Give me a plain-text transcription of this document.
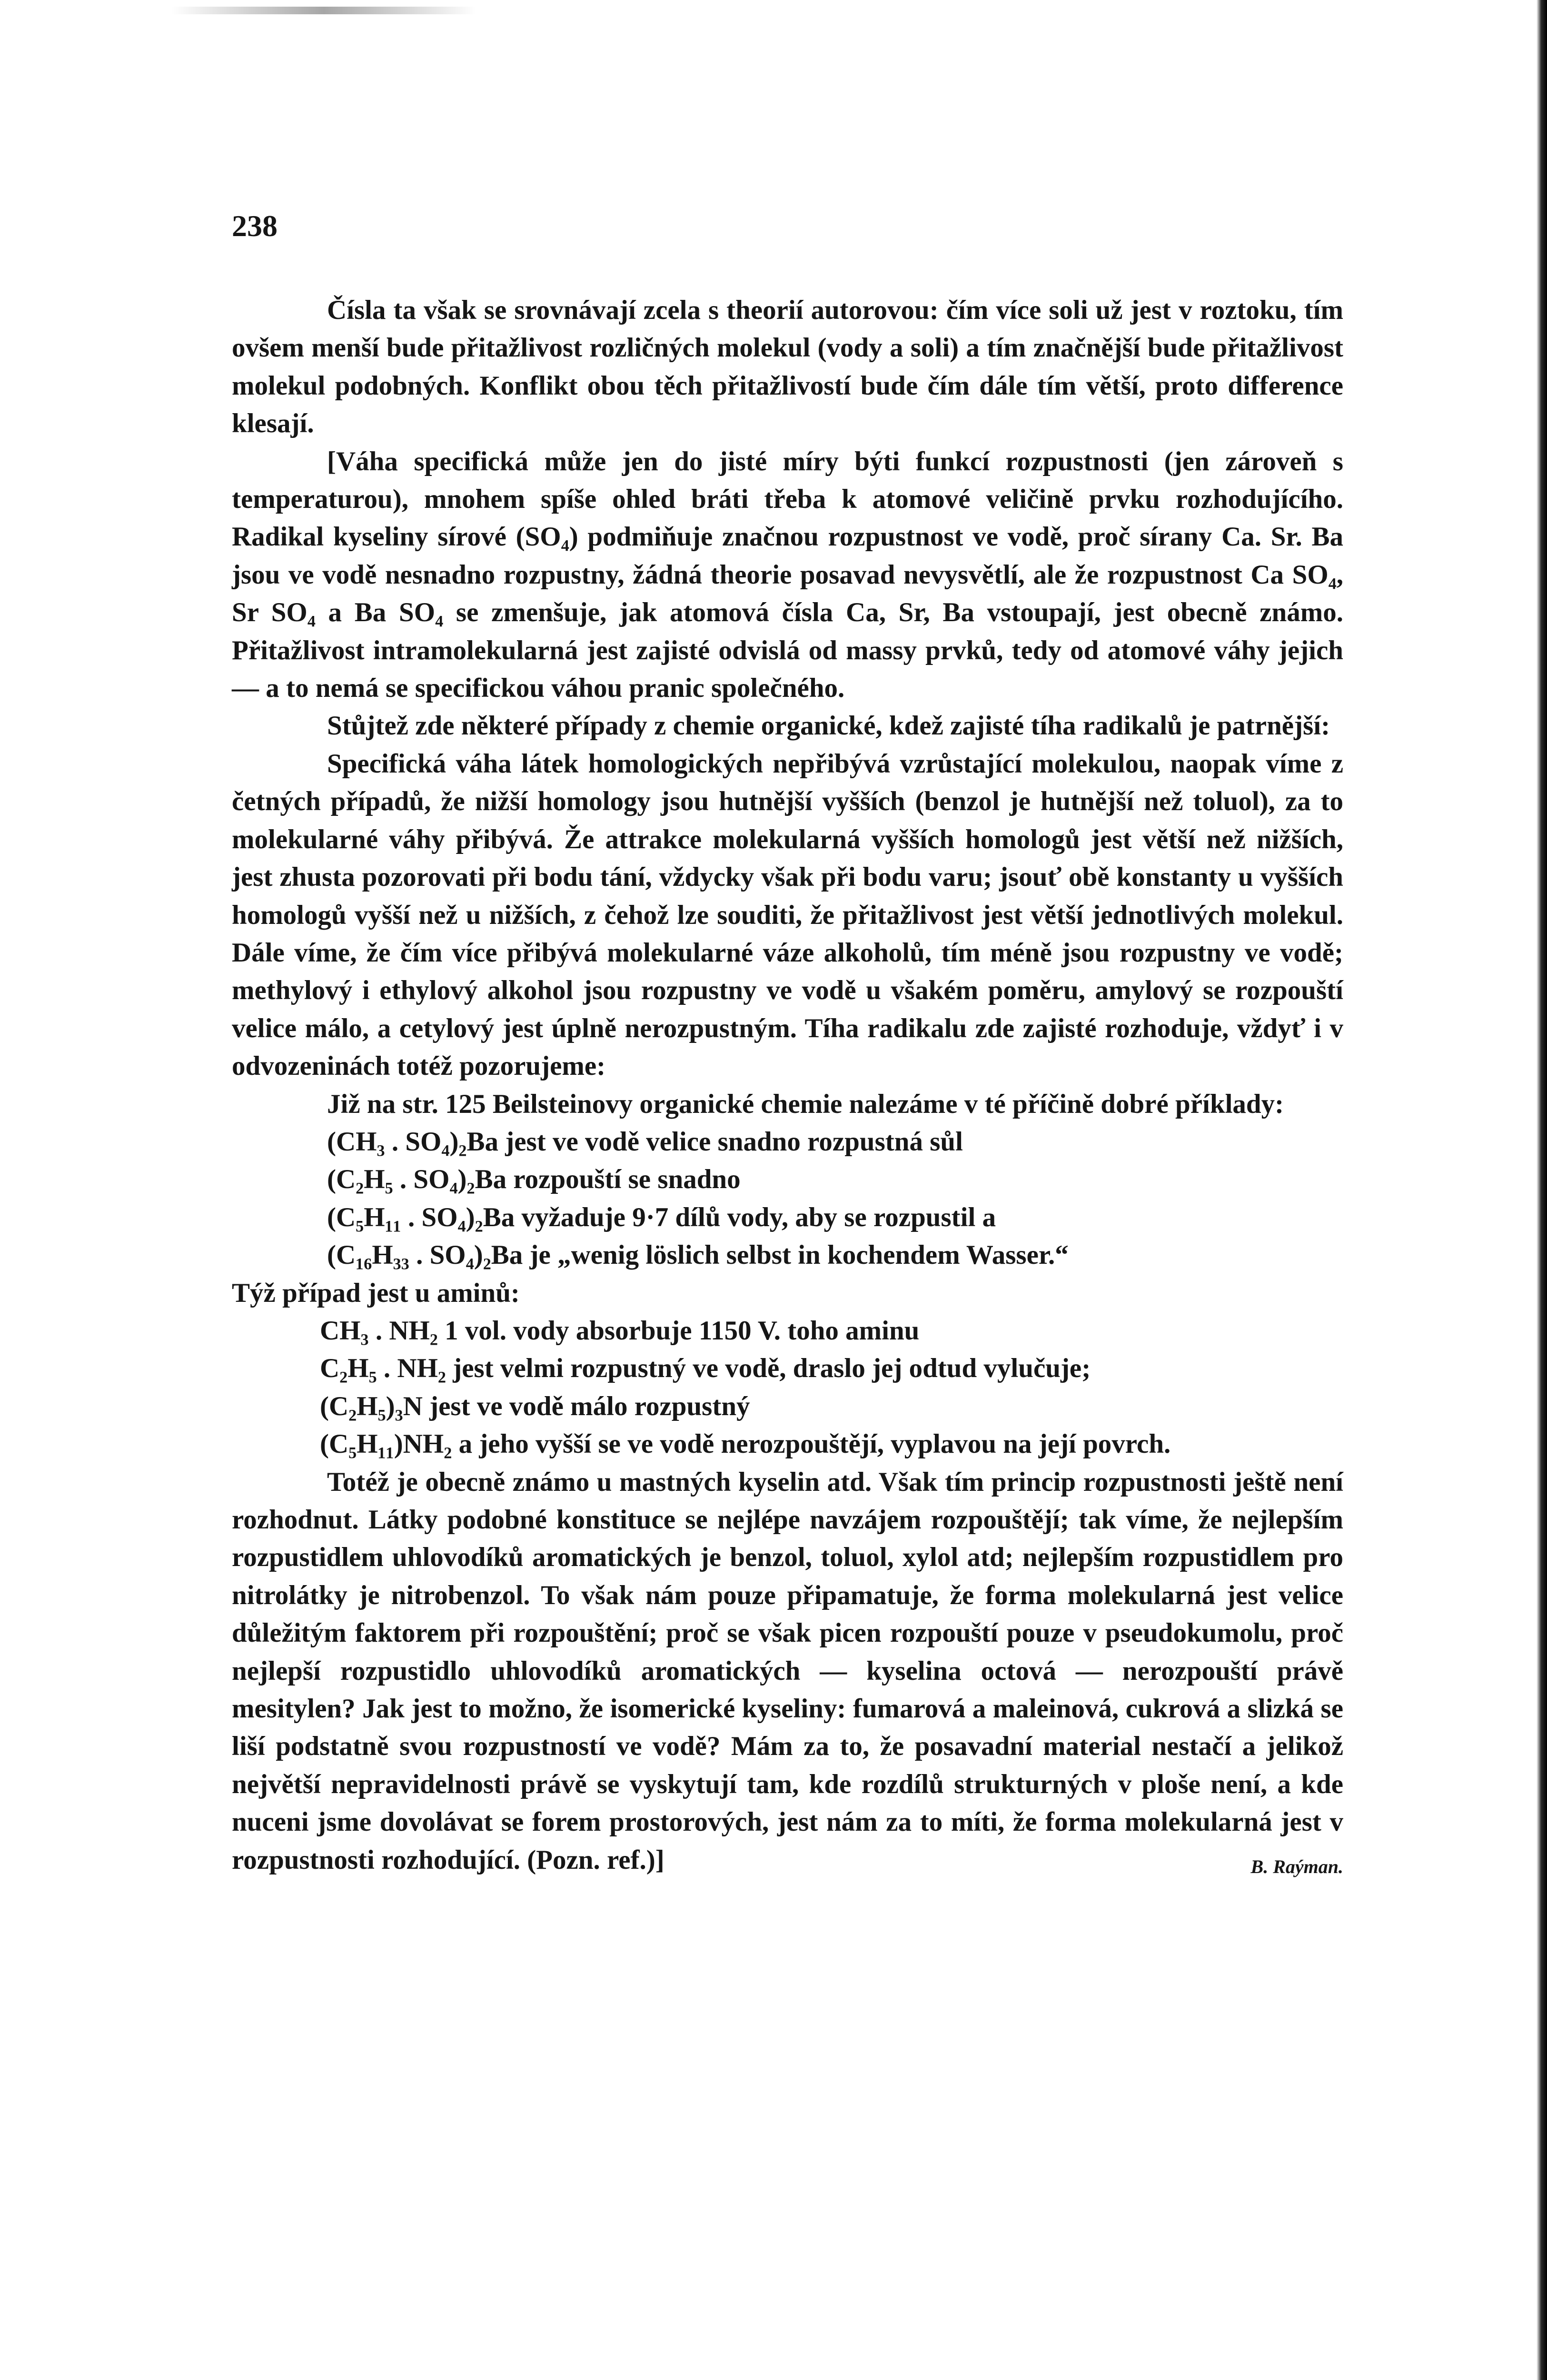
238

Čísla ta však se srovnávají zcela s theorií autorovou: čím více soli už jest v roztoku, tím ovšem menší bude přitažlivost rozličných molekul (vody a soli) a tím značnější bude přitažlivost molekul podobných. Konflikt obou těch přitažlivostí bude čím dále tím větší, proto difference klesají.

[Váha specifická může jen do jisté míry býti funkcí rozpustnosti (jen zároveň s temperaturou), mnohem spíše ohled bráti třeba k atomové veličině prvku rozhodujícího. Radikal kyseliny sírové (SO₄) podmiňuje značnou rozpustnost ve vodě, proč sírany Ca. Sr. Ba jsou ve vodě nesnadno rozpustny, žádná theorie posavad nevysvětlí, ale že rozpustnost Ca SO₄, Sr SO₄ a Ba SO₄ se zmenšuje, jak atomová čísla Ca, Sr, Ba vstoupají, jest obecně známo. Přitažlivost intramolekularná jest zajisté odvislá od massy prvků, tedy od atomové váhy jejich — a to nemá se specifickou váhou pranic společného.

Stůjtež zde některé případy z chemie organické, kdež zajisté tíha radikalů je patrnější:

Specifická váha látek homologických nepřibývá vzrůstající molekulou, naopak víme z četných případů, že nižší homology jsou hutnější vyšších (benzol je hutnější než toluol), za to molekularné váhy přibývá. Že attrakce molekularná vyšších homologů jest větší než nižších, jest zhusta pozorovati při bodu tání, vždycky však při bodu varu; jsouť obě konstanty u vyšších homologů vyšší než u nižších, z čehož lze souditi, že přitažlivost jest větší jednotlivých molekul. Dále víme, že čím více přibývá molekularné váze alkoholů, tím méně jsou rozpustny ve vodě; methylový i ethylový alkohol jsou rozpustny ve vodě u všakém poměru, amylový se rozpouští velice málo, a cetylový jest úplně nerozpustným. Tíha radikalu zde zajisté rozhoduje, vždyť i v odvozeninách totéž pozorujeme:

Již na str. 125 Beilsteinovy organické chemie nalezáme v té příčině dobré příklady:

(CH₃ . SO₄)₂Ba jest ve vodě velice snadno rozpustná sůl
(C₂H₅ . SO₄)₂Ba rozpouští se snadno
(C₅H₁₁ . SO₄)₂Ba vyžaduje 9·7 dílů vody, aby se rozpustil a
(C₁₆H₃₃ . SO₄)₂Ba je „wenig löslich selbst in kochendem Wasser.“

Týž případ jest u aminů:

CH₃ . NH₂ 1 vol. vody absorbuje 1150 V. toho aminu
C₂H₅ . NH₂ jest velmi rozpustný ve vodě, draslo jej odtud vylučuje;
(C₂H₅)₃N jest ve vodě málo rozpustný

(C₅H₁₁)NH₂ a jeho vyšší se ve vodě nerozpouštějí, vyplavou na její povrch.

Totéž je obecně známo u mastných kyselin atd. Však tím princip rozpustnosti ještě není rozhodnut. Látky podobné konstituce se nejlépe navzájem rozpouštějí; tak víme, že nejlepším rozpustidlem uhlovodíků aromatických je benzol, toluol, xylol atd; nejlepším rozpustidlem pro nitrolátky je nitrobenzol. To však nám pouze připamatuje, že forma molekularná jest velice důležitým faktorem při rozpouštění; proč se však picen rozpouští pouze v pseudokumolu, proč nejlepší rozpustidlo uhlovodíků aromatických — kyselina octová — nerozpouští právě mesitylen? Jak jest to možno, že isomerické kyseliny: fumarová a maleinová, cukrová a slizká se liší podstatně svou rozpustností ve vodě? Mám za to, že posavadní material nestačí a jelikož největší nepravidelnosti právě se vyskytují tam, kde rozdílů strukturných v ploše není, a kde nuceni jsme dovolávat se forem prostorových, jest nám za to míti, že forma molekularná jest v rozpustnosti rozhodující. (Pozn. ref.)]	B. Raýman.
